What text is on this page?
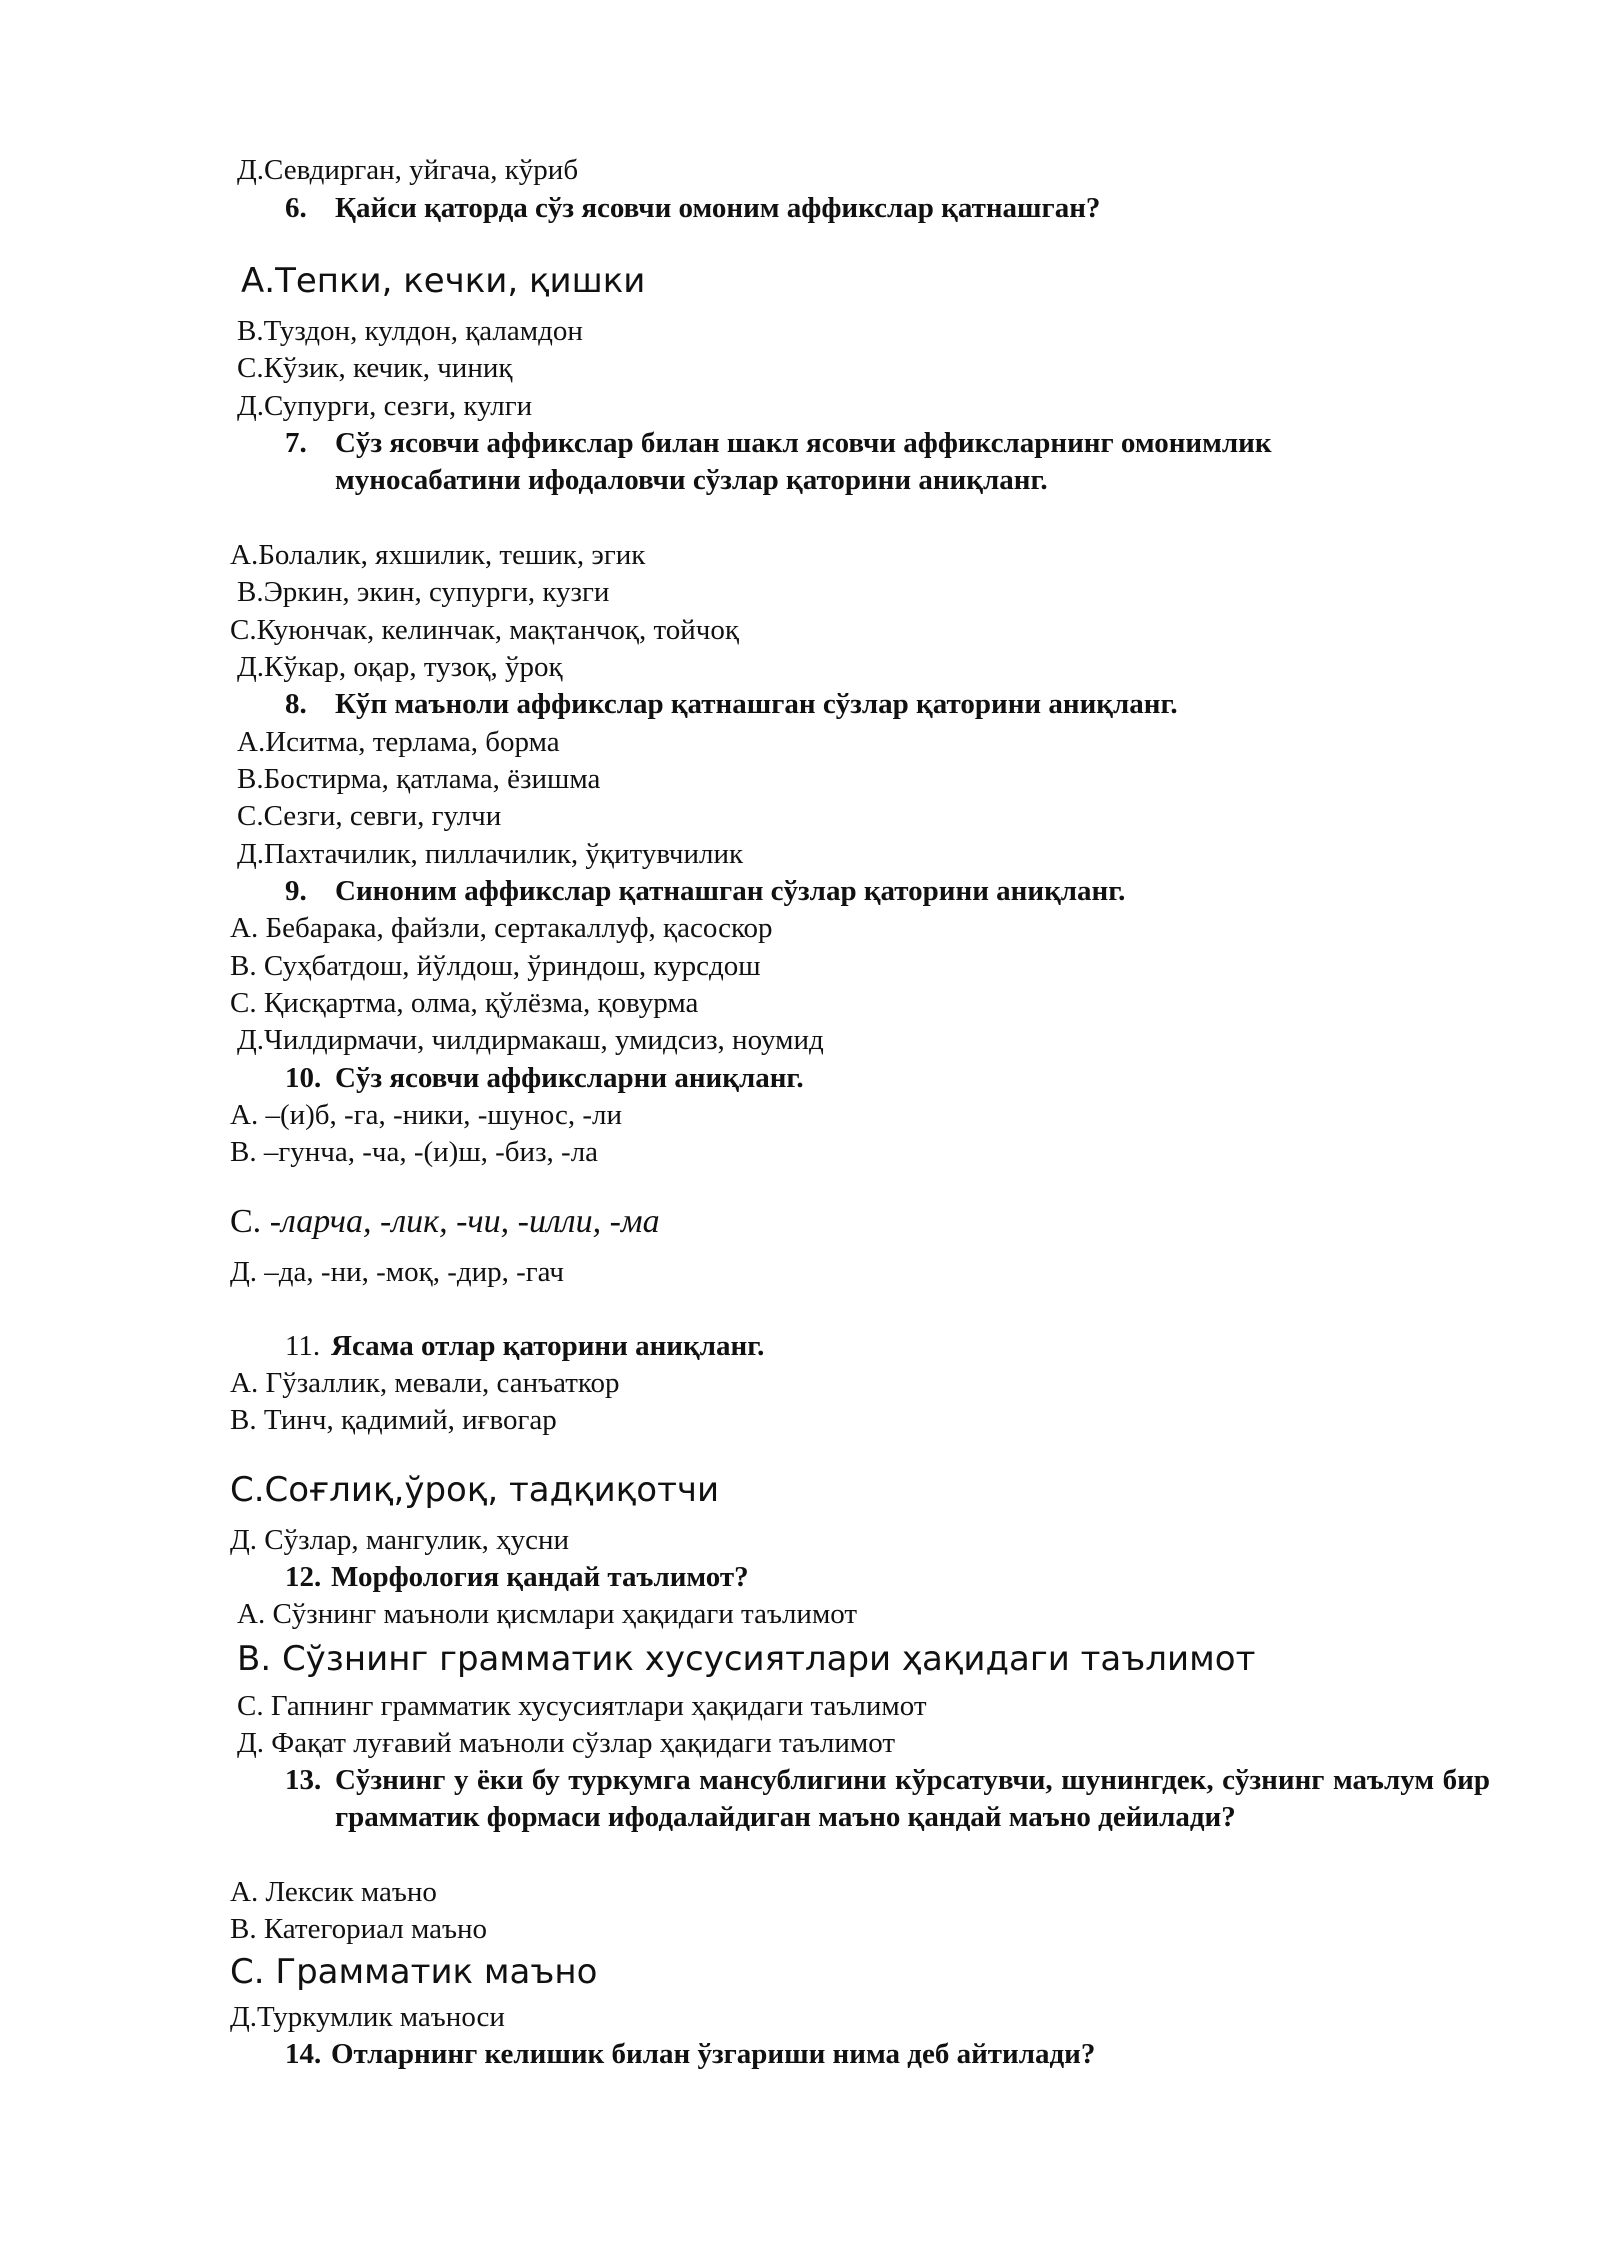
Д.Севдирган, уйгача, кўриб
6. Қайси қаторда сўз ясовчи омоним аффикслар қатнашган?
А.Тепки, кечки, қишки
В.Туздон, кулдон, қаламдон
С.Кўзик, кечик, чиниқ
Д.Супурги, сезги, кулги
7. Сўз ясовчи аффикслар билан шакл ясовчи аффиксларнинг омонимлик
муносабатини ифодаловчи сўзлар қаторини аниқланг.
А.Болалик, яхшилик, тешик, эгик
В.Эркин, экин, супурги, кузги
С.Куюнчак, келинчак, мақтанчоқ, тойчоқ
Д.Кўкар, оқар, тузоқ, ўроқ
8. Кўп маъноли аффикслар қатнашган сўзлар қаторини аниқланг.
А.Иситма, терлама, борма
В.Бостирма, қатлама, ёзишма
С.Сезги, севги, гулчи
Д.Пахтачилик, пиллачилик, ўқитувчилик
9. Синоним аффикслар қатнашган сўзлар қаторини аниқланг.
А. Бебарака, файзли, сертакаллуф, қасоскор
В. Суҳбатдош, йўлдош, ўриндош, курсдош
С. Қисқартма, олма, қўлёзма, қовурма
Д.Чилдирмачи, чилдирмакаш, умидсиз, ноумид
10. Сўз ясовчи аффиксларни аниқланг.
А. –(и)б, -га, -ники, -шунос, -ли
В. –гунча, -ча, -(и)ш, -биз, -ла
С. -ларча, -лик, -чи, -илли, -ма
Д. –да, -ни, -моқ, -дир, -гач
11. Ясама отлар қаторини аниқланг.
А. Гўзаллик, мевали, санъаткор
В. Тинч, қадимий, иғвогар
С.Соғлиқ,ўроқ, тадқиқотчи
Д. Сўзлар, мангулик, ҳусни
12. Морфология қандай таълимот?
А. Сўзнинг маъноли қисмлари ҳақидаги таълимот
В. Сўзнинг грамматик хусусиятлари ҳақидаги таълимот
С. Гапнинг грамматик хусусиятлари ҳақидаги таълимот
Д. Фақат луғавий маъноли сўзлар ҳақидаги таълимот
13. Сўзнинг у ёки бу туркумга мансублигини кўрсатувчи, шунингдек, сўзнинг маълум бир грамматик формаси ифодалайдиган маъно қандай маъно дейилади?
А. Лексик маъно
В. Категориал маъно
С. Грамматик маъно
Д.Туркумлик маъноси
14. Отларнинг келишик билан ўзгариши нима деб айтилади?
